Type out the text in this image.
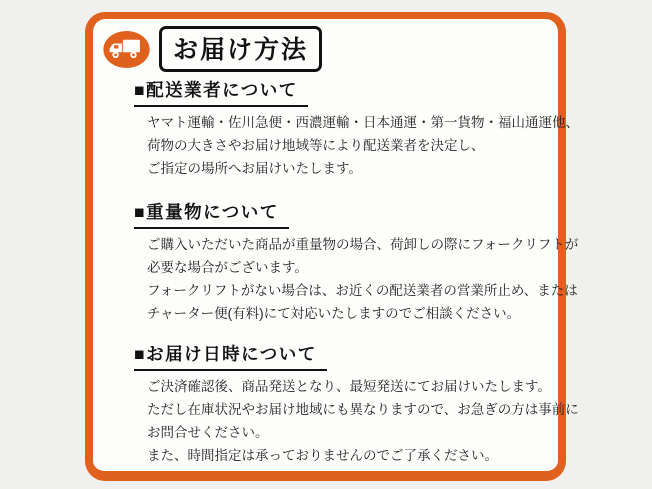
お届け方法
■配送業者について

ヤマト運輸・佐川急便・西濃運輸・日本通運・第一貨物・福山通運他、

荷物の大きさやお届け地域等により配送業者を決定し、

ご指定の場所へお届けいたします。

■重量物について

ご購入いただいた商品が重量物の場合、荷卸しの際にフォークリフトが

必要な場合がございます。

フォークリフトがない場合は、お近くの配送業者の営業所止め、または

チャーター便(有料)にて対応いたしますのでご相談ください。

■お届け日時について

ご決済確認後、商品発送となり、最短発送にてお届けいたします。

ただし在庫状況やお届け地域にも異なりますので、お急ぎの方は事前に

お問合せください。

また、時間指定は承っておりませんのでご了承ください。
